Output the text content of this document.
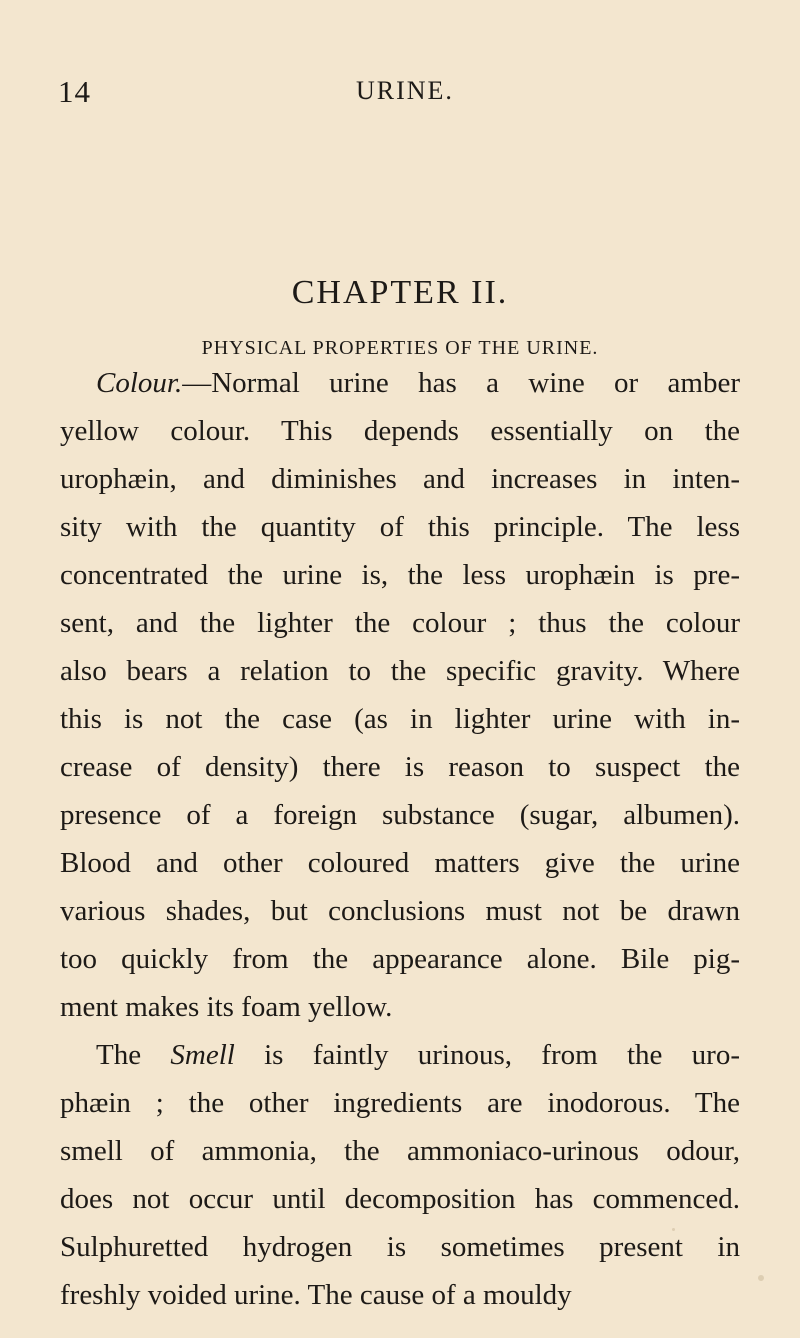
14	URINE.
CHAPTER II.
PHYSICAL PROPERTIES OF THE URINE.
Colour.—Normal urine has a wine or amber
yellow colour. This depends essentially on the
urophæin, and diminishes and increases in inten-
sity with the quantity of this principle. The less
concentrated the urine is, the less urophæin is pre-
sent, and the lighter the colour ; thus the colour
also bears a relation to the specific gravity. Where
this is not the case (as in lighter urine with in-
crease of density) there is reason to suspect the
presence of a foreign substance (sugar, albumen).
Blood and other coloured matters give the urine
various shades, but conclusions must not be drawn
too quickly from the appearance alone. Bile pig-
ment makes its foam yellow.
The Smell is faintly urinous, from the uro-
phæin ; the other ingredients are inodorous. The
smell of ammonia, the ammoniaco-urinous odour,
does not occur until decomposition has commenced.
Sulphuretted hydrogen is sometimes present in
freshly voided urine. The cause of a mouldy
